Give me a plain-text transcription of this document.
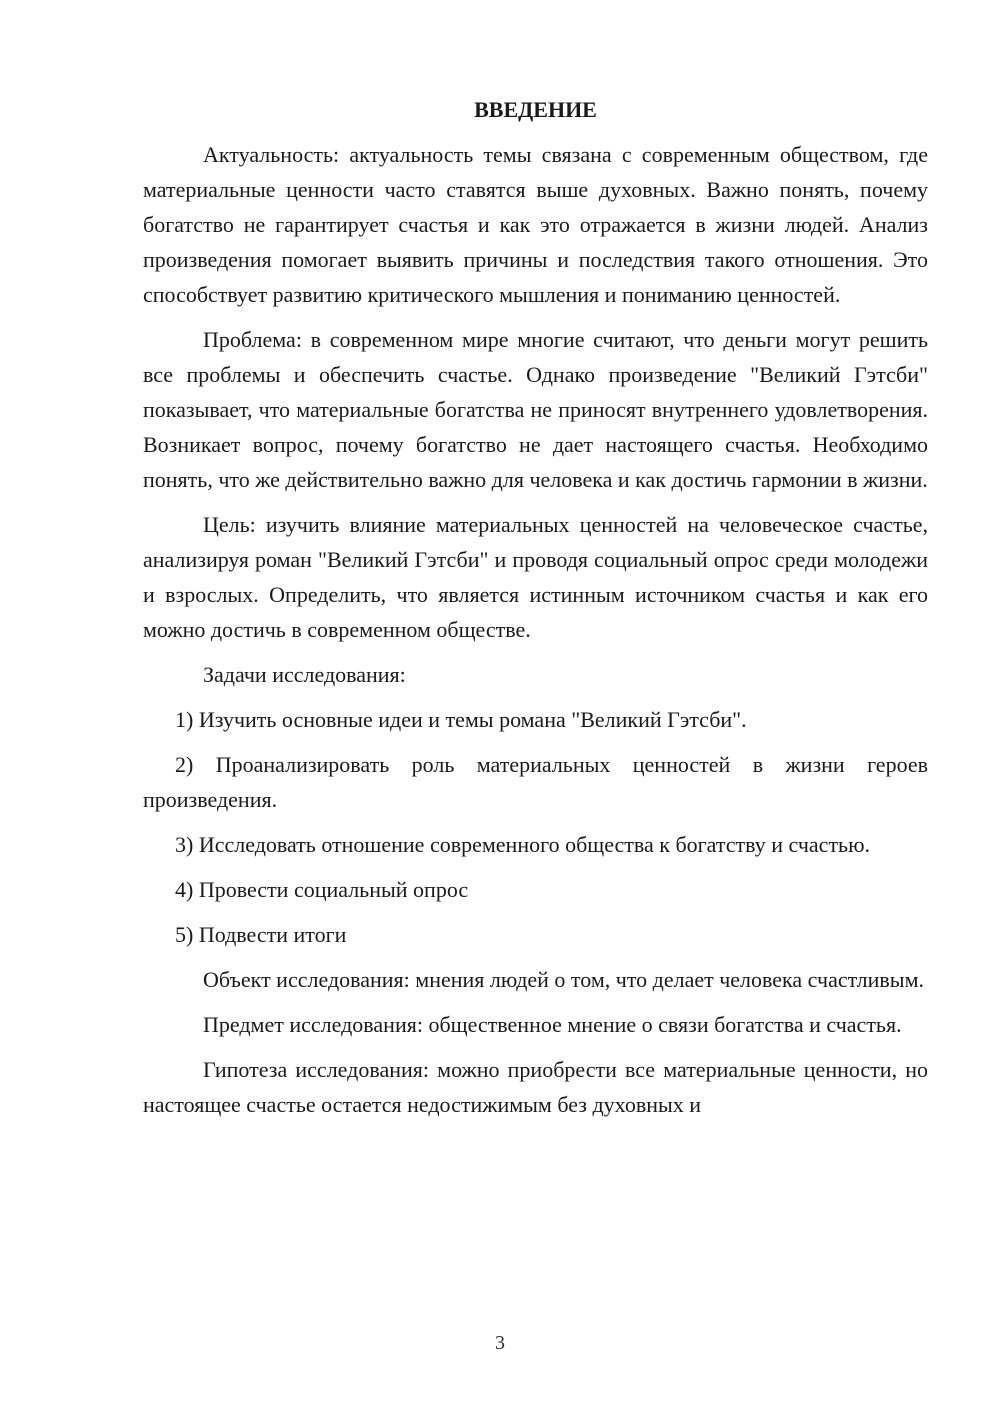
ВВЕДЕНИЕ

Актуальность: актуальность темы связана с современным обществом, где материальные ценности часто ставятся выше духовных. Важно понять, почему богатство не гарантирует счастья и как это отражается в жизни людей. Анализ произведения помогает выявить причины и последствия такого отношения. Это способствует развитию критического мышления и пониманию ценностей.

Проблема: в современном мире многие считают, что деньги могут решить все проблемы и обеспечить счастье. Однако произведение "Великий Гэтсби" показывает, что материальные богатства не приносят внутреннего удовлетворения. Возникает вопрос, почему богатство не дает настоящего счастья. Необходимо понять, что же действительно важно для человека и как достичь гармонии в жизни.

Цель: изучить влияние материальных ценностей на человеческое счастье, анализируя роман "Великий Гэтсби" и проводя социальный опрос среди молодежи и взрослых. Определить, что является истинным источником счастья и как его можно достичь в современном обществе.

Задачи исследования:

1) Изучить основные идеи и темы романа "Великий Гэтсби".

2) Проанализировать роль материальных ценностей в жизни героев произведения.

3) Исследовать отношение современного общества к богатству и счастью.

4) Провести социальный опрос

5) Подвести итоги

Объект исследования: мнения людей о том, что делает человека счастливым.

Предмет исследования: общественное мнение о связи богатства и счастья.

Гипотеза исследования: можно приобрести все материальные ценности, но настоящее счастье остается недостижимым без духовных и

3
